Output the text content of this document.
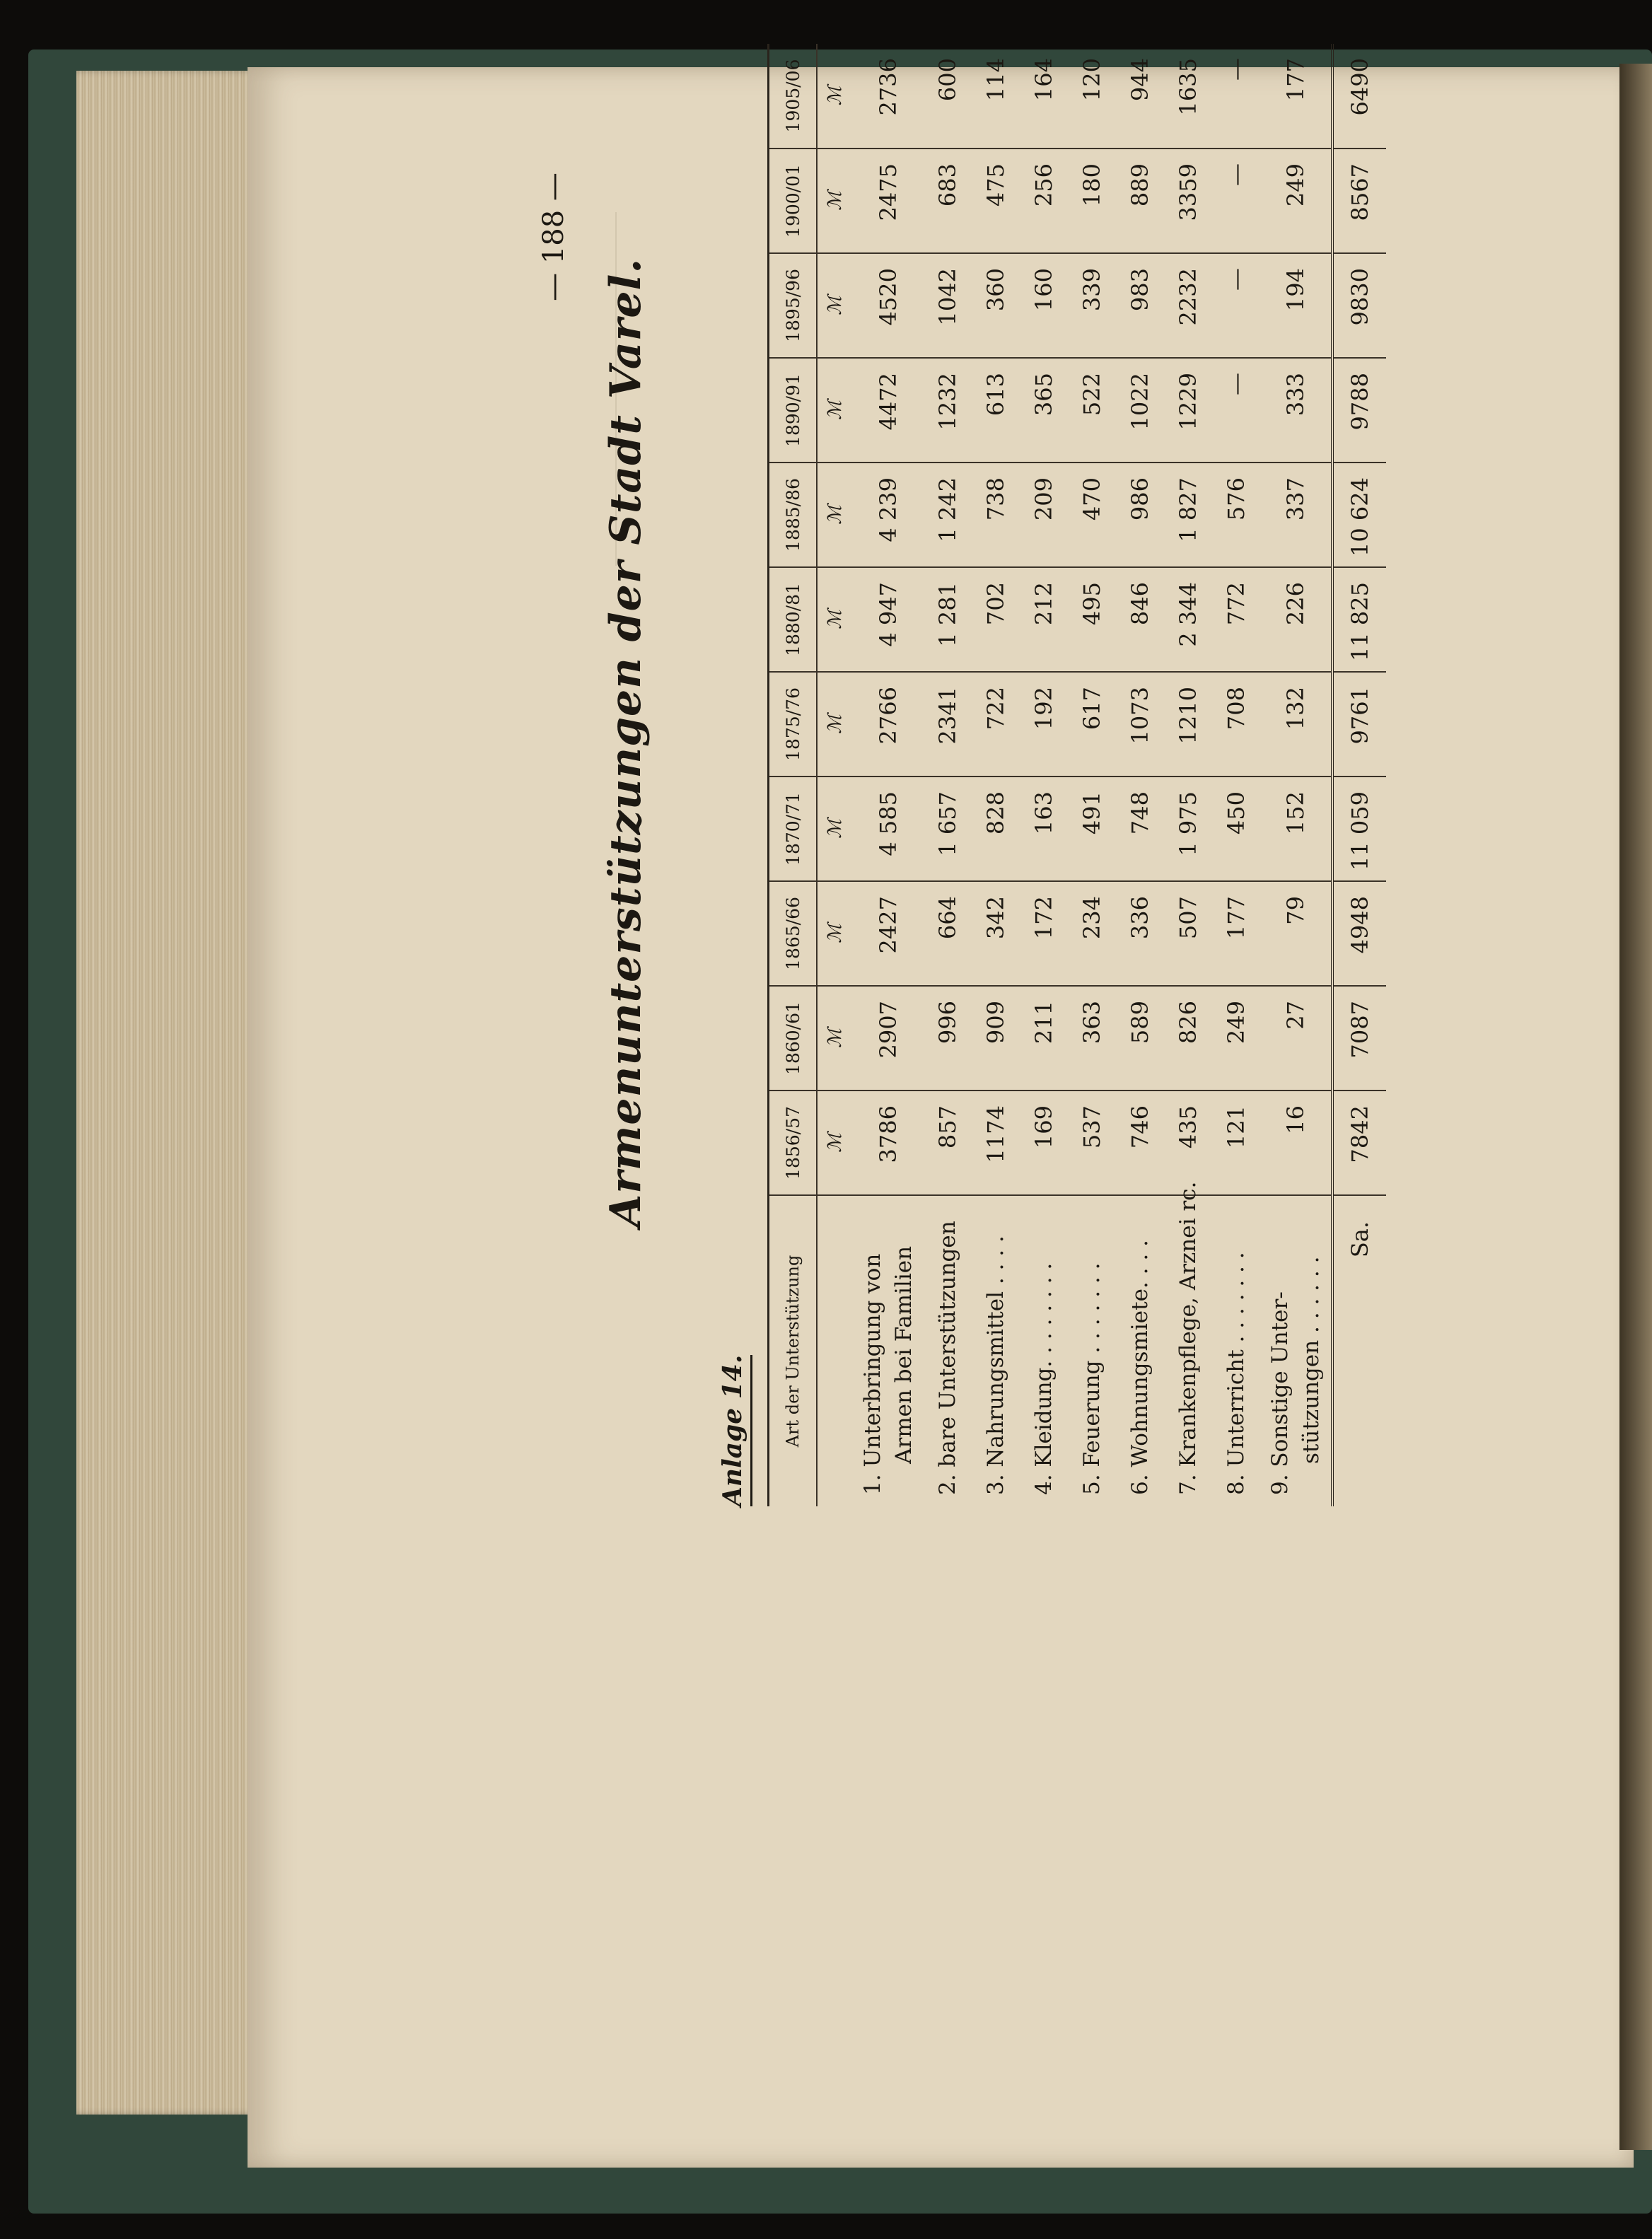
— 188 —
Armenunterstützungen der Stadt Varel.
Anlage 14. Art der Unterstützung	1856/57	1860/61	1865/66	1870/71	1875/76	1880/81	1885/86	1890/91	1895/96	1900/01	1905/06
	ℳ	ℳ	ℳ	ℳ	ℳ	ℳ	ℳ	ℳ	ℳ	ℳ	ℳ

1. Unterbringung von Armen bei Familien	3786	2907	2427	4 585	2766	4 947	4 239	4472	4520	2475	2736

2. bare Unterstützungen	857	996	664	1 657	2341	1 281	1 242	1232	1042	683	600

3. Nahrungsmittel . . . .	1174	909	342	828	722	702	738	613	360	475	114

4. Kleidung. . . . . . . .	169	211	172	163	192	212	209	365	160	256	164

5. Feuerung . . . . . . .	537	363	234	491	617	495	470	522	339	180	120

6. Wohnungsmiete. . . .	746	589	336	748	1073	846	986	1022	983	889	944

7. Krankenpflege, Arznei rc.	435	826	507	1 975	1210	2 344	1 827	1229	2232	3359	1635

8. Unterricht . . . . . . .	121	249	177	450	708	772	576	—	—	—	—

9. Sonstige Unter- stützungen . . . . . .	16	27	79	152	132	226	337	333	194	249	177
Sa.	7842	7087	4948	11 059	9761	11 825	10 624	9788	9830	8567	6490
